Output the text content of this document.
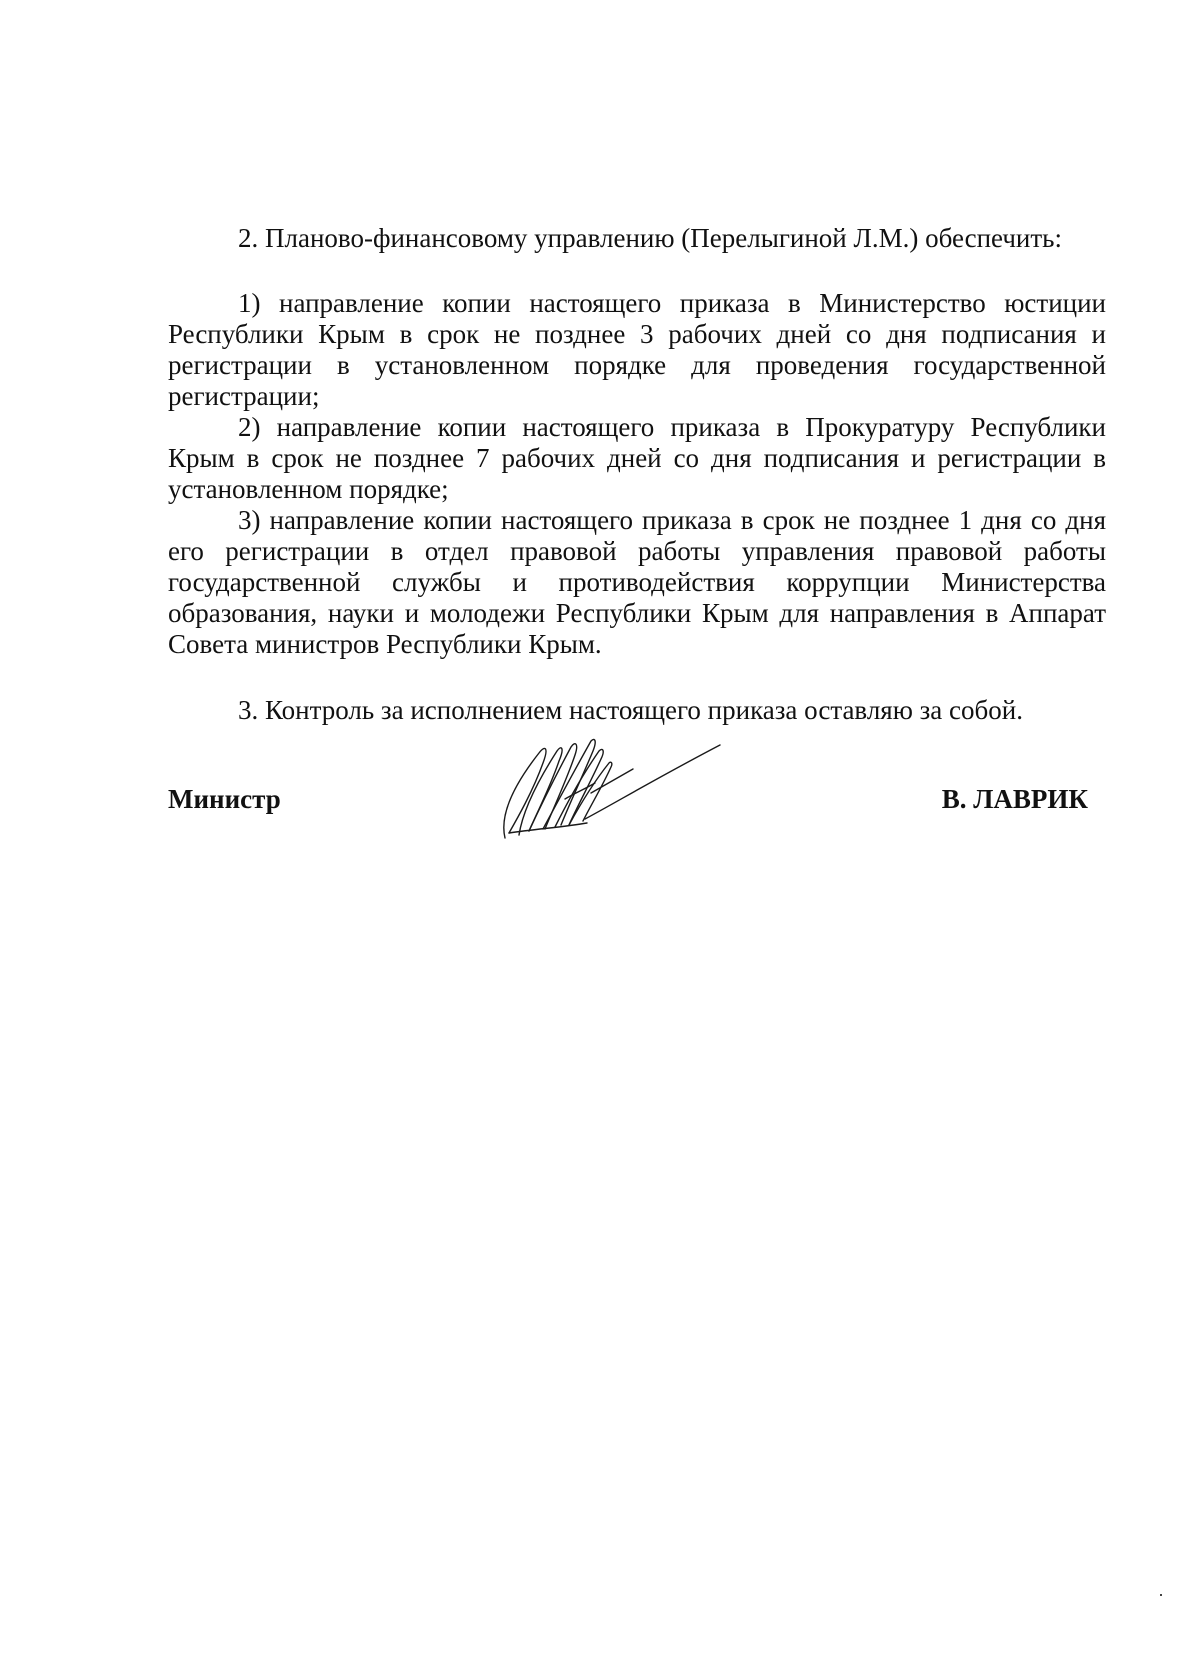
2. Планово-финансовому управлению (Перелыгиной Л.М.) обеспечить:

1) направление копии настоящего приказа в Министерство юстиции Республики Крым в срок не позднее 3 рабочих дней со дня подписания и регистрации в установленном порядке для проведения государственной регистрации;

2) направление копии настоящего приказа в Прокуратуру Республики Крым в срок не позднее 7 рабочих дней со дня подписания и регистрации в установленном порядке;

3) направление копии настоящего приказа в срок не позднее 1 дня со дня его регистрации в отдел правовой работы управления правовой работы государственной службы и противодействия коррупции Министерства образования, науки и молодежи Республики Крым для направления в Аппарат Совета министров Республики Крым.

3. Контроль за исполнением настоящего приказа оставляю за собой.

Министр	В. ЛАВРИК
